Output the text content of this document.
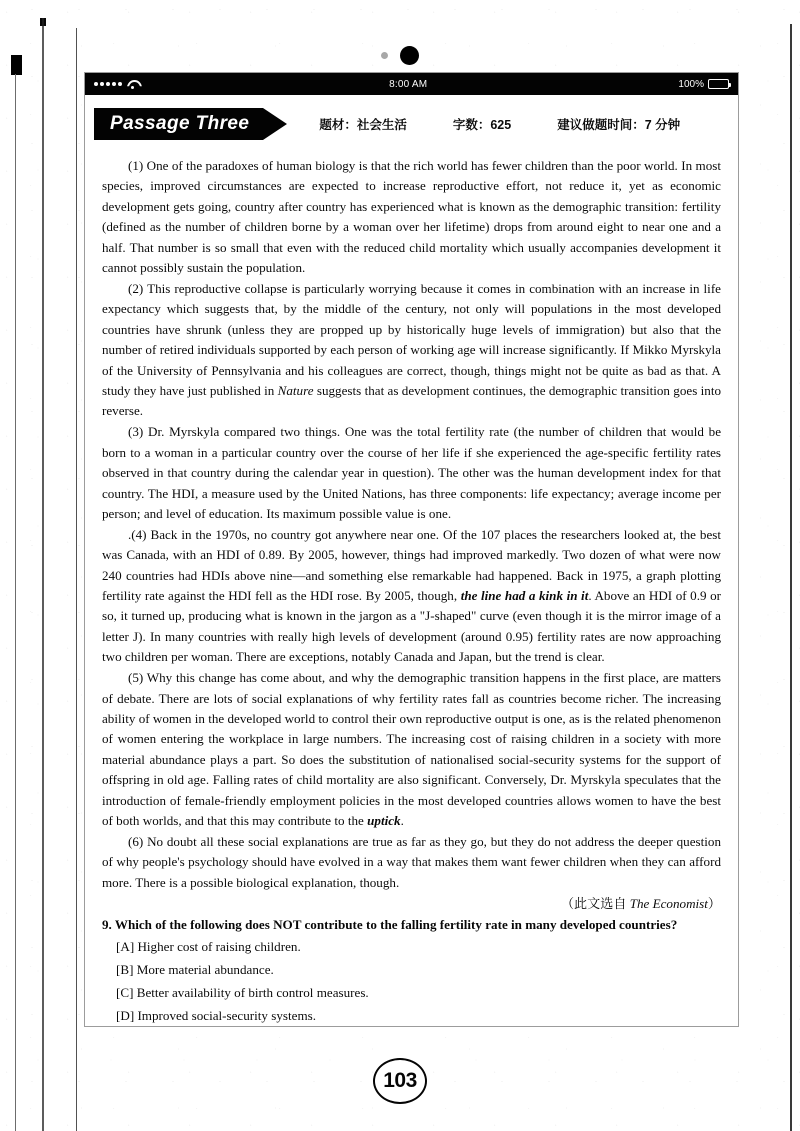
8:00 AM	100%
Passage Three	题材：社会生活	字数：625	建议做题时间：7 分钟

(1) One of the paradoxes of human biology is that the rich world has fewer children than the poor world. In most species, improved circumstances are expected to increase reproductive effort, not reduce it, yet as economic development gets going, country after country has experienced what is known as the demographic transition: fertility (defined as the number of children borne by a woman over her lifetime) drops from around eight to near one and a half. That number is so small that even with the reduced child mortality which usually accompanies development it cannot possibly sustain the population.

(2) This reproductive collapse is particularly worrying because it comes in combination with an increase in life expectancy which suggests that, by the middle of the century, not only will populations in the most developed countries have shrunk (unless they are propped up by historically huge levels of immigration) but also that the number of retired individuals supported by each person of working age will increase significantly. If Mikko Myrskyla of the University of Pennsylvania and his colleagues are correct, though, things might not be quite as bad as that. A study they have just published in Nature suggests that as development continues, the demographic transition goes into reverse.

(3) Dr. Myrskyla compared two things. One was the total fertility rate (the number of children that would be born to a woman in a particular country over the course of her life if she experienced the age-specific fertility rates observed in that country during the calendar year in question). The other was the human development index for that country. The HDI, a measure used by the United Nations, has three components: life expectancy; average income per person; and level of education. Its maximum possible value is one.

.(4) Back in the 1970s, no country got anywhere near one. Of the 107 places the researchers looked at, the best was Canada, with an HDI of 0.89. By 2005, however, things had improved markedly. Two dozen of what were now 240 countries had HDIs above nine—and something else remarkable had happened. Back in 1975, a graph plotting fertility rate against the HDI fell as the HDI rose. By 2005, though, the line had a kink in it. Above an HDI of 0.9 or so, it turned up, producing what is known in the jargon as a "J-shaped" curve (even though it is the mirror image of a letter J). In many countries with really high levels of development (around 0.95) fertility rates are now approaching two children per woman. There are exceptions, notably Canada and Japan, but the trend is clear.

(5) Why this change has come about, and why the demographic transition happens in the first place, are matters of debate. There are lots of social explanations of why fertility rates fall as countries become richer. The increasing ability of women in the developed world to control their own reproductive output is one, as is the related phenomenon of women entering the workplace in large numbers. The increasing cost of raising children in a society with more material abundance plays a part. So does the substitution of nationalised social-security systems for the support of offspring in old age. Falling rates of child mortality are also significant. Conversely, Dr. Myrskyla speculates that the introduction of female-friendly employment policies in the most developed countries allows women to have the best of both worlds, and that this may contribute to the uptick.

(6) No doubt all these social explanations are true as far as they go, but they do not address the deeper question of why people's psychology should have evolved in a way that makes them want fewer children when they can afford more. There is a possible biological explanation, though.

（此文选自 The Economist）

9. Which of the following does NOT contribute to the falling fertility rate in many developed countries?

[A] Higher cost of raising children.
[B] More material abundance.
[C] Better availability of birth control measures.
[D] Improved social-security systems.
103
